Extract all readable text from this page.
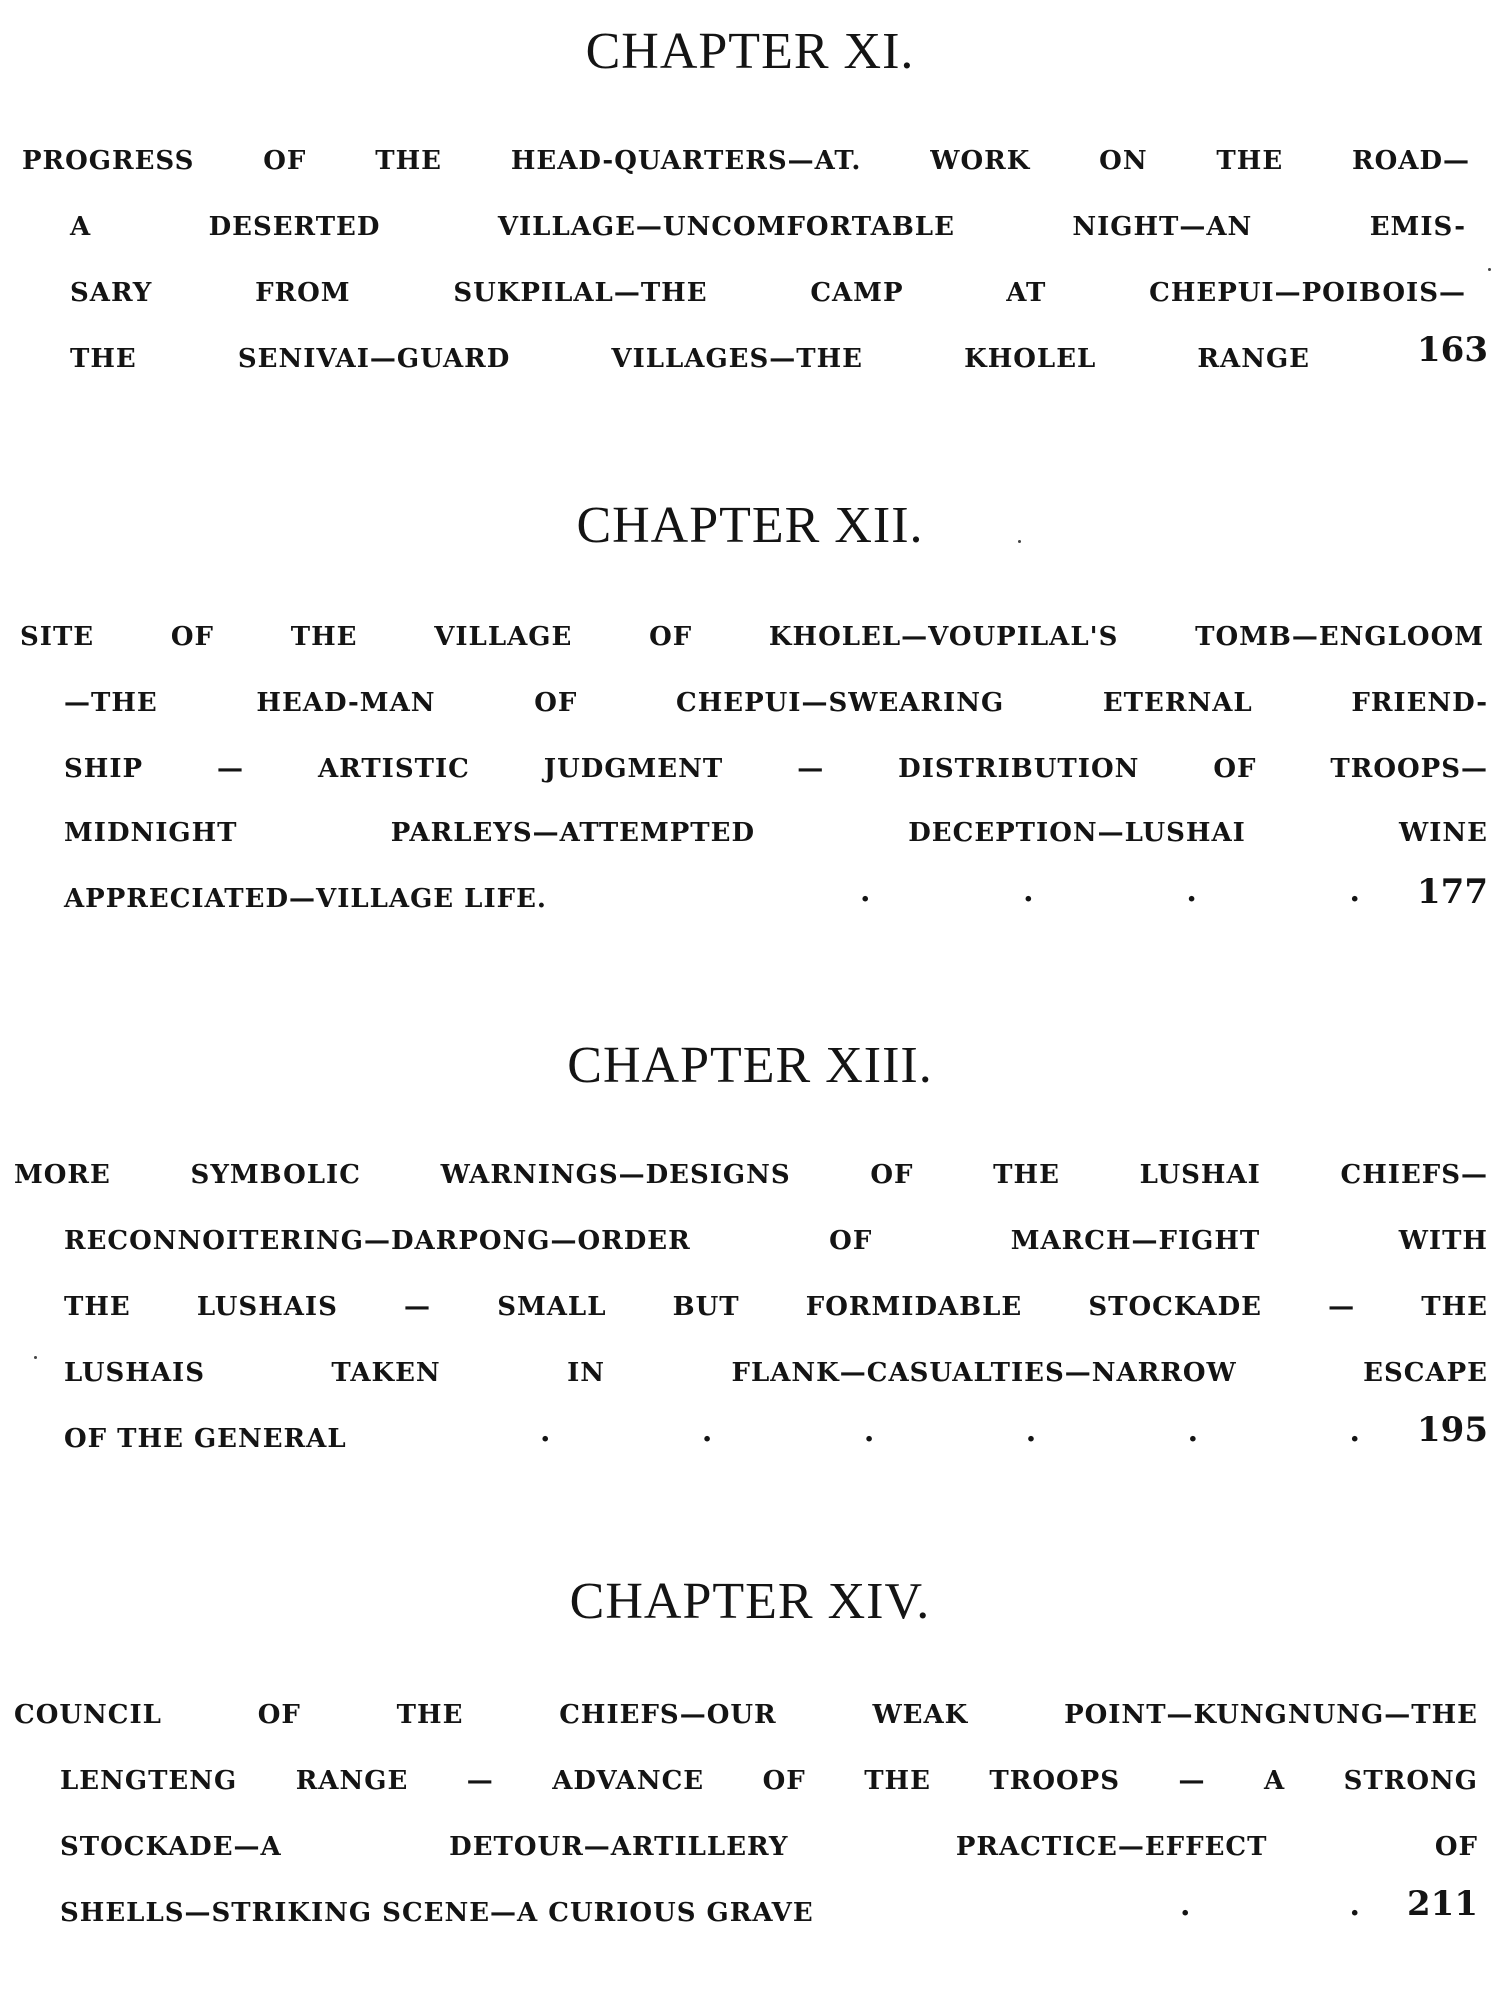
CHAPTER XI.
PROGRESS OF THE HEAD-QUARTERS—AT. WORK ON THE ROAD—
A DESERTED VILLAGE—UNCOMFORTABLE NIGHT—AN EMIS-
SARY FROM SUKPILAL—THE CAMP AT CHEPUI—POIBOIS—
THE SENIVAI—GUARD VILLAGES—THE KHOLEL RANGE	163
CHAPTER XII.
SITE OF THE VILLAGE OF KHOLEL—VOUPILAL'S TOMB—ENGLOOM
—THE HEAD-MAN OF CHEPUI—SWEARING ETERNAL FRIEND-
SHIP — ARTISTIC JUDGMENT — DISTRIBUTION OF TROOPS—
MIDNIGHT PARLEYS—ATTEMPTED DECEPTION—LUSHAI WINE
APPRECIATED—VILLAGE LIFE.	.	.	.	.	177
CHAPTER XIII.
MORE SYMBOLIC WARNINGS—DESIGNS OF THE LUSHAI CHIEFS—
RECONNOITERING—DARPONG—ORDER OF MARCH—FIGHT WITH
THE LUSHAIS — SMALL BUT FORMIDABLE STOCKADE — THE
LUSHAIS TAKEN IN FLANK—CASUALTIES—NARROW ESCAPE
OF THE GENERAL	.	.	.	.	.	.	195
CHAPTER XIV.
COUNCIL OF THE CHIEFS—OUR WEAK POINT—KUNGNUNG—THE
LENGTENG RANGE — ADVANCE OF THE TROOPS — A STRONG
STOCKADE—A DETOUR—ARTILLERY PRACTICE—EFFECT OF
SHELLS—STRIKING SCENE—A CURIOUS GRAVE	.	.	211
